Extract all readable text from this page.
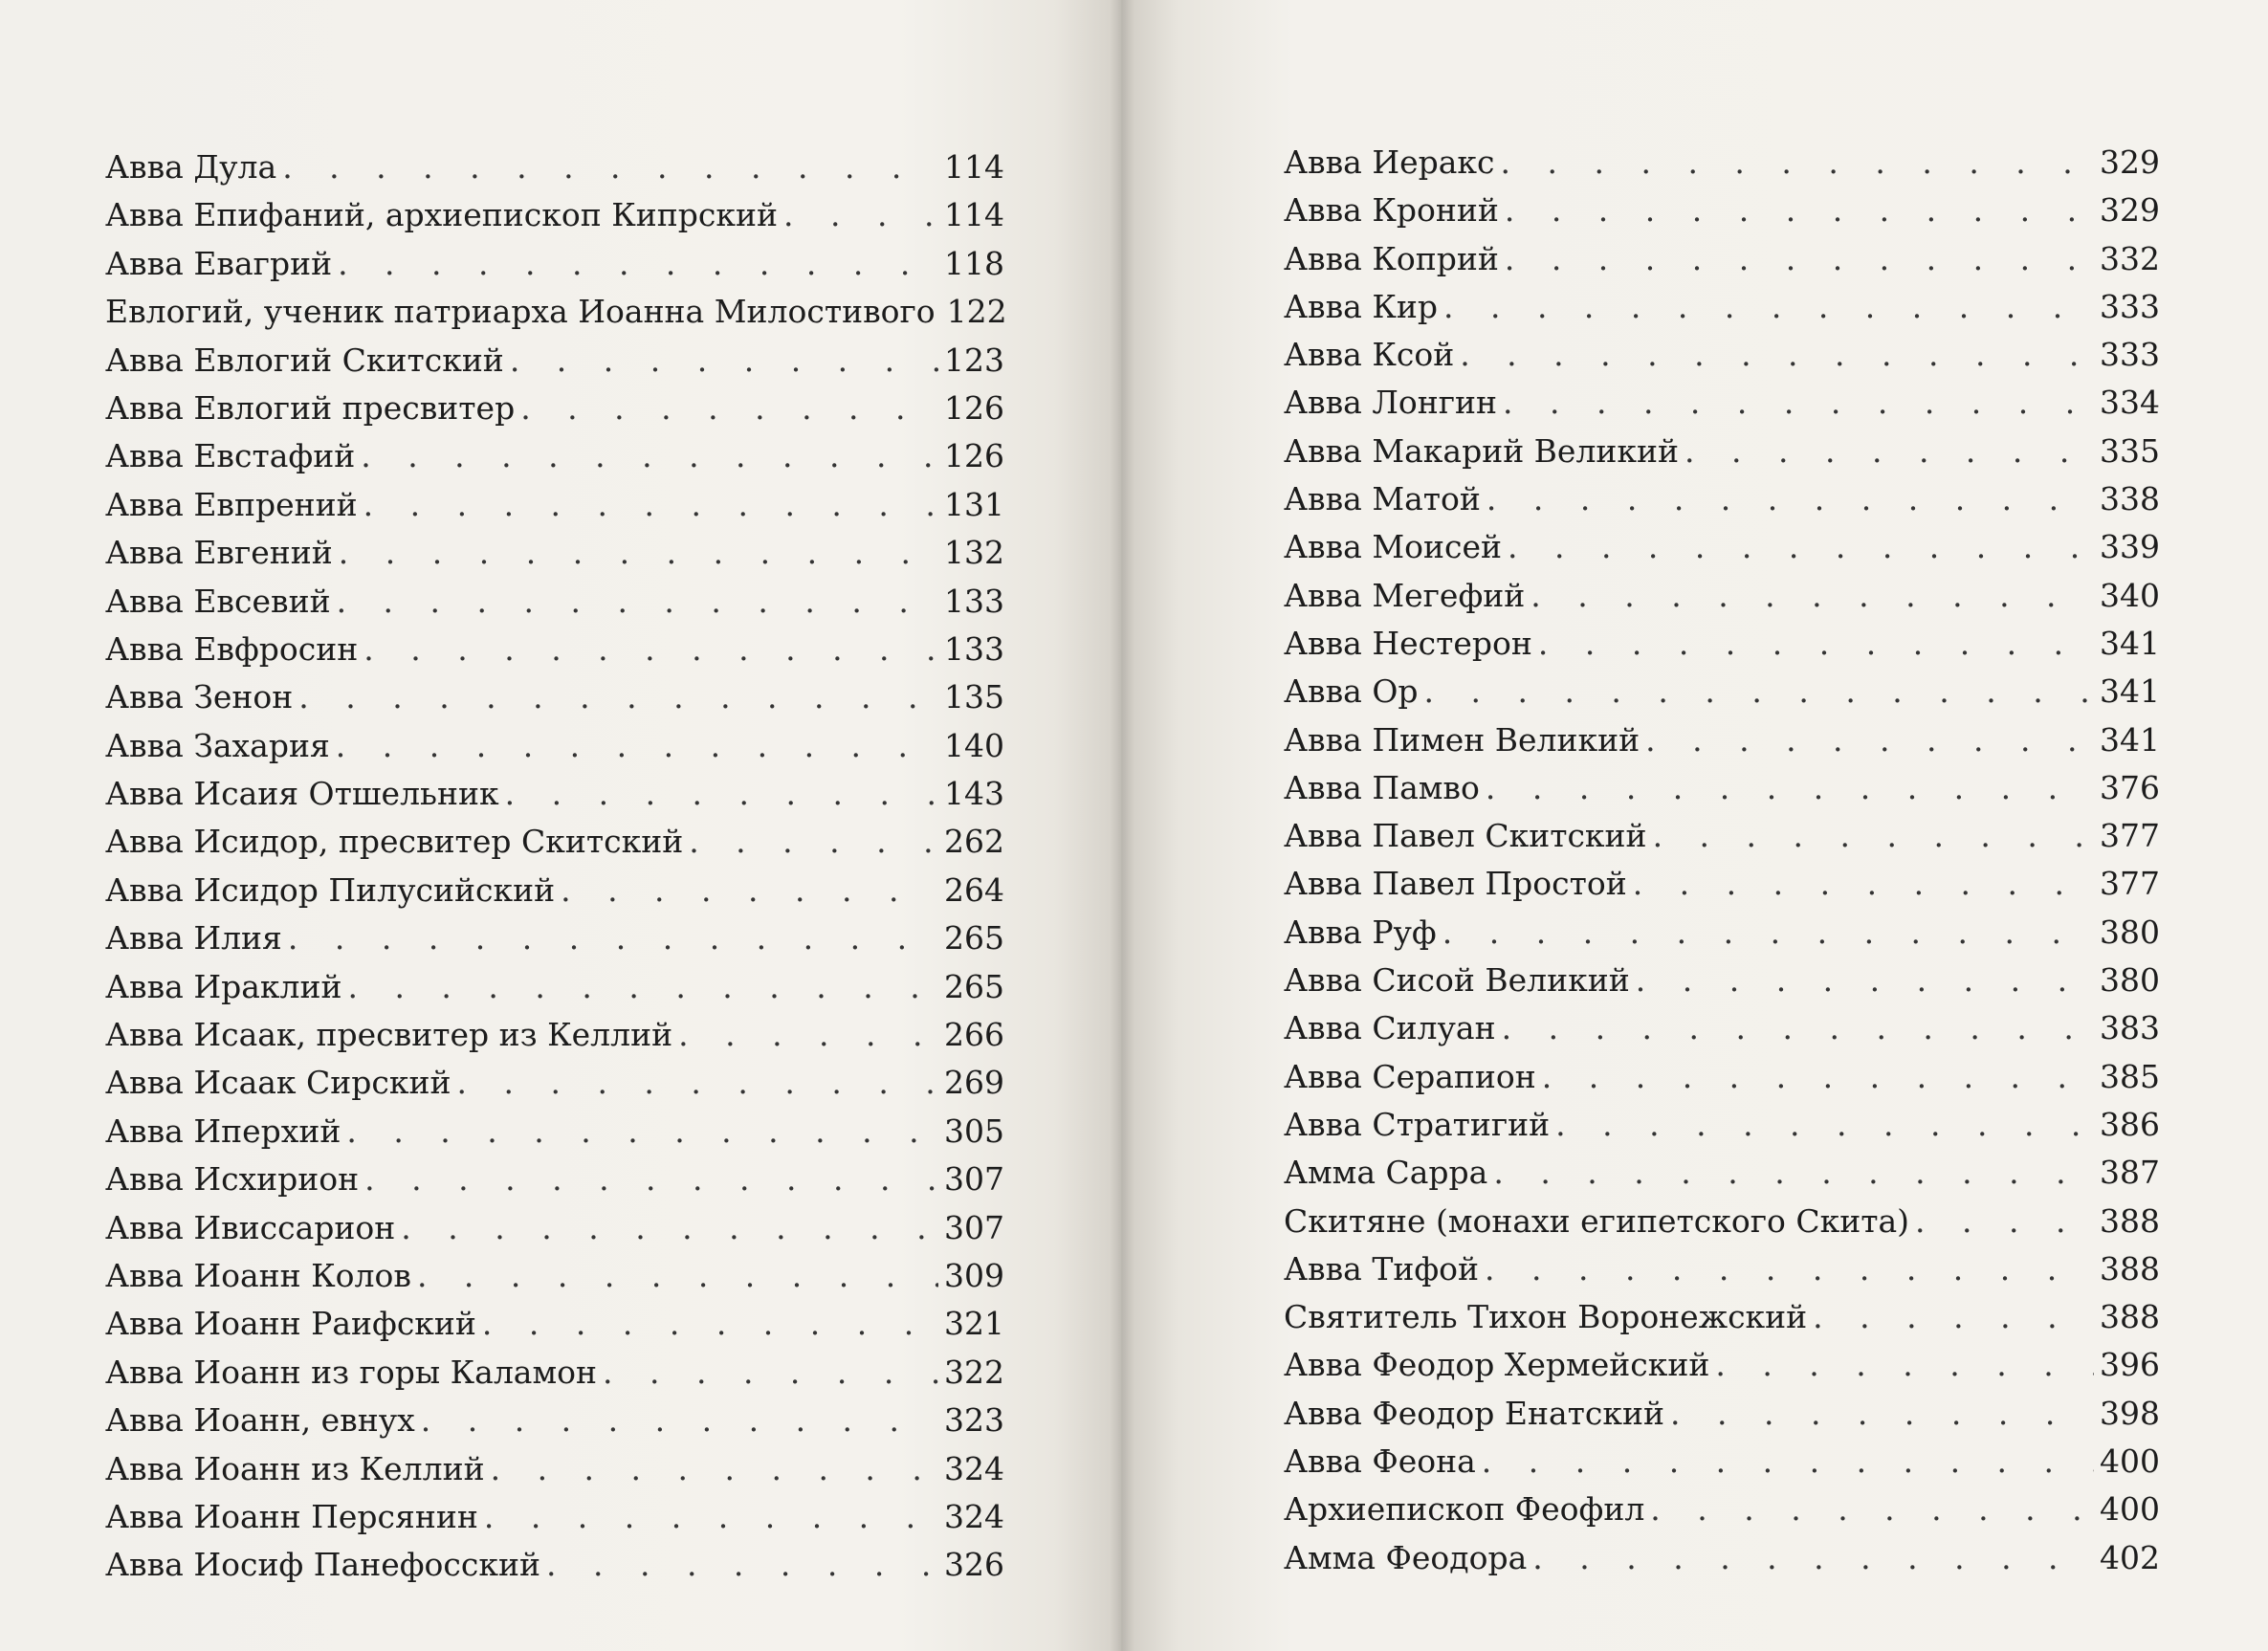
Авва Дула . . .	114
Авва Епифаний, архиепископ Кипрский . . .	114
Авва Евагрий . . .	118
Евлогий, ученик патриарха Иоанна Милостивого 122
Авва Евлогий Скитский . . .	123
Авва Евлогий пресвитер . . .	126
Авва Евстафий . . .	126
Авва Евпрений . . .	131
Авва Евгений . . .	132
Авва Евсевий . . .	133
Авва Евфросин . . .	133
Авва Зенон . . .	135
Авва Захария . . .	140
Авва Исаия Отшельник . . .	143
Авва Исидор, пресвитер Скитский . . .	262
Авва Исидор Пилусийский . . .	264
Авва Илия . . .	265
Авва Ираклий . . .	265
Авва Исаак, пресвитер из Келлий . . .	266
Авва Исаак Сирский . . .	269
Авва Иперхий . . .	305
Авва Исхирион . . .	307
Авва Ивиссарион . . .	307
Авва Иоанн Колов . . .	309
Авва Иоанн Раифский . . .	321
Авва Иоанн из горы Каламон . . .	322
Авва Иоанн, евнух . . .	323
Авва Иоанн из Келлий . . .	324
Авва Иоанн Персянин . . .	324
Авва Иосиф Панефосский . . .	326
Авва Иеракс . . .	329
Авва Кроний . . .	329
Авва Коприй . . .	332
Авва Кир . . .	333
Авва Ксой . . .	333
Авва Лонгин . . .	334
Авва Макарий Великий . . .	335
Авва Матой . . .	338
Авва Моисей . . .	339
Авва Мегефий . . .	340
Авва Нестерон . . .	341
Авва Ор . . .	341
Авва Пимен Великий . . .	341
Авва Памво . . .	376
Авва Павел Скитский . . .	377
Авва Павел Простой . . .	377
Авва Руф . . .	380
Авва Сисой Великий . . .	380
Авва Силуан . . .	383
Авва Серапион . . .	385
Авва Стратигий . . .	386
Амма Сарра . . .	387
Скитяне (монахи египетского Скита) . . .	388
Авва Тифой . . .	388
Святитель Тихон Воронежский . . .	388
Авва Феодор Хермейский . . .	396
Авва Феодор Енатский . . .	398
Авва Феона . . .	400
Архиепископ Феофил . . .	400
Амма Феодора . . .	402
